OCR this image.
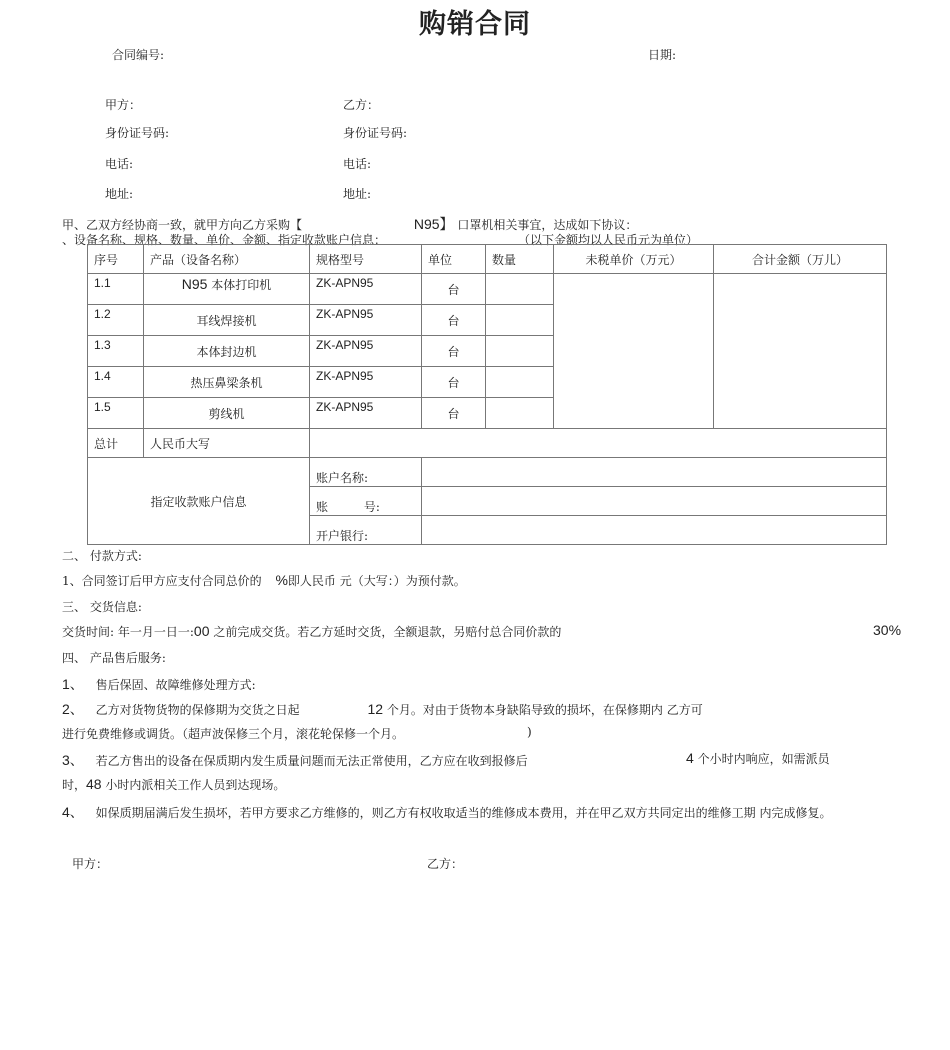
购销合同
合同编号:	日期:
甲方：	乙方：
身份证号码:	身份证号码:
电话:	电话:
地址:	地址:
甲、乙双方经协商一致，就甲方向乙方采购【	N95】 口罩机相关事宜，达成如下协议：
、设备名称、规格、数量、单价、金额、指定收款账户信息：	（以下金额均以人民币元为单位）
序号	产品（设备名称）	规格型号	单位	数量	未税单价（万元）	合计金额（万儿）
1.1	N95 本体打印机	ZK-APN95	台			
1.2	耳线焊接机	ZK-APN95	台			
1.3	本体封边机	ZK-APN95	台			
1.4	热压鼻梁条机	ZK-APN95	台			
1.5	剪线机	ZK-APN95	台			
总计	人民币大写					
指定收款账户信息		账户名称:				
		账 号:				
		开户银行:				
二、 付款方式:
1、合同签订后甲方应支付合同总价的 %即人民币 元（大写：）为预付款。
三、 交货信息:
交货时间: 年一月一日一:00 之前完成交货。若乙方延时交货，全额退款，另赔付总合同价款的	30%
四、 产品售后服务:
1、 售后保固、故障维修处理方式:
2、 乙方对货物货物的保修期为交货之日起	12 个月。对由于货物本身缺陷导致的损坏，在保修期内 乙方可
进行免费维修或调货。（超声波保修三个月，滚花轮保修一个月。	)
3、 若乙方售出的设备在保质期内发生质量问题而无法正常使用，乙方应在收到报修后	4 个小时内响应，如需派员
时，48 小时内派相关工作人员到达现场。
4、 如保质期届满后发生损坏，若甲方要求乙方维修的，则乙方有权收取适当的维修成本费用，并在甲乙双方共同定出的维修工期 内完成修复。
甲方：	乙方：
